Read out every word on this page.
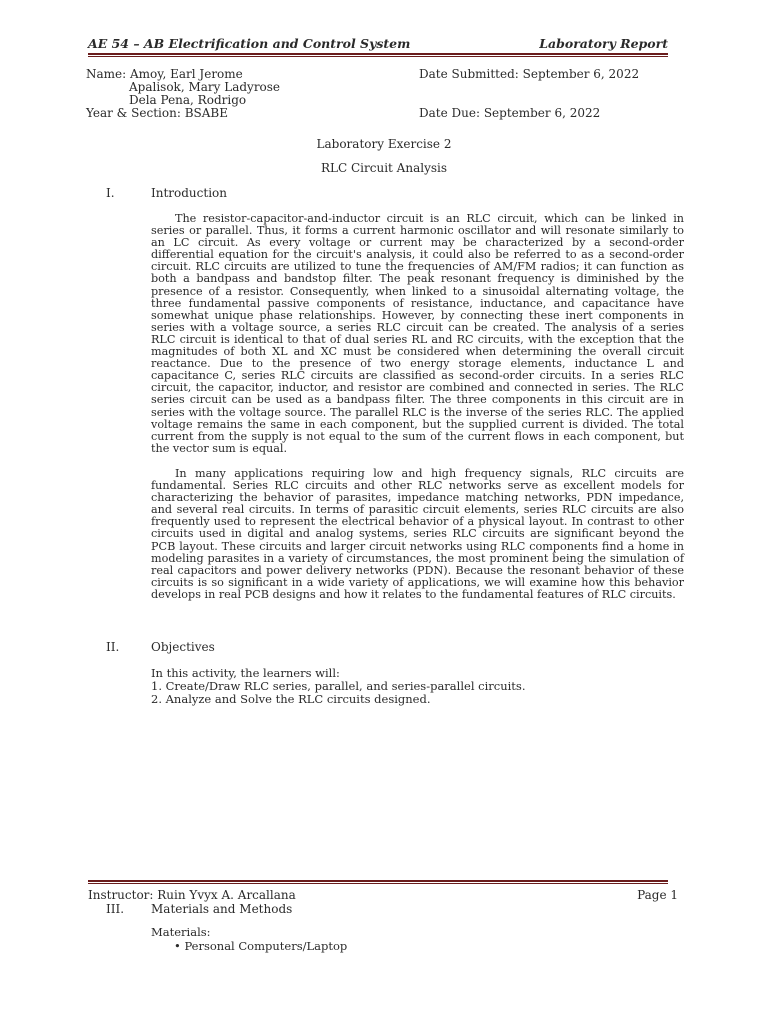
AE 54 – AB Electrification and Control System	Laboratory Report
Name: Amoy, Earl Jerome
Apalisok, Mary Ladyrose
Dela Pena, Rodrigo
Year & Section: BSABE
Date Submitted: September 6, 2022
Date Due: September 6, 2022
Laboratory Exercise 2
RLC Circuit Analysis
I.	Introduction

The resistor-capacitor-and-inductor circuit is an RLC circuit, which can be linked in series or parallel. Thus, it forms a current harmonic oscillator and will resonate similarly to an LC circuit. As every voltage or current may be characterized by a second-order differential equation for the circuit's analysis, it could also be referred to as a second-order circuit. RLC circuits are utilized to tune the frequencies of AM/FM radios; it can function as both a bandpass and bandstop filter. The peak resonant frequency is diminished by the presence of a resistor. Consequently, when linked to a sinusoidal alternating voltage, the three fundamental passive components of resistance, inductance, and capacitance have somewhat unique phase relationships. However, by connecting these inert components in series with a voltage source, a series RLC circuit can be created. The analysis of a series RLC circuit is identical to that of dual series RL and RC circuits, with the exception that the magnitudes of both XL and XC must be considered when determining the overall circuit reactance. Due to the presence of two energy storage elements, inductance L and capacitance C, series RLC circuits are classified as second-order circuits. In a series RLC circuit, the capacitor, inductor, and resistor are combined and connected in series. The RLC series circuit can be used as a bandpass filter. The three components in this circuit are in series with the voltage source. The parallel RLC is the inverse of the series RLC. The applied voltage remains the same in each component, but the supplied current is divided. The total current from the supply is not equal to the sum of the current flows in each component, but the vector sum is equal.

In many applications requiring low and high frequency signals, RLC circuits are fundamental. Series RLC circuits and other RLC networks serve as excellent models for characterizing the behavior of parasites, impedance matching networks, PDN impedance, and several real circuits. In terms of parasitic circuit elements, series RLC circuits are also frequently used to represent the electrical behavior of a physical layout. In contrast to other circuits used in digital and analog systems, series RLC circuits are significant beyond the PCB layout. These circuits and larger circuit networks using RLC components find a home in modeling parasites in a variety of circumstances, the most prominent being the simulation of real capacitors and power delivery networks (PDN). Because the resonant behavior of these circuits is so significant in a wide variety of applications, we will examine how this behavior develops in real PCB designs and how it relates to the fundamental features of RLC circuits.

II.	Objectives
In this activity, the learners will:
1. Create/Draw RLC series, parallel, and series-parallel circuits.
2. Analyze and Solve the RLC circuits designed.
Instructor: Ruin Yvyx A. Arcallana	Page 1
III. Materials and Methods
Materials:
• Personal Computers/Laptop
